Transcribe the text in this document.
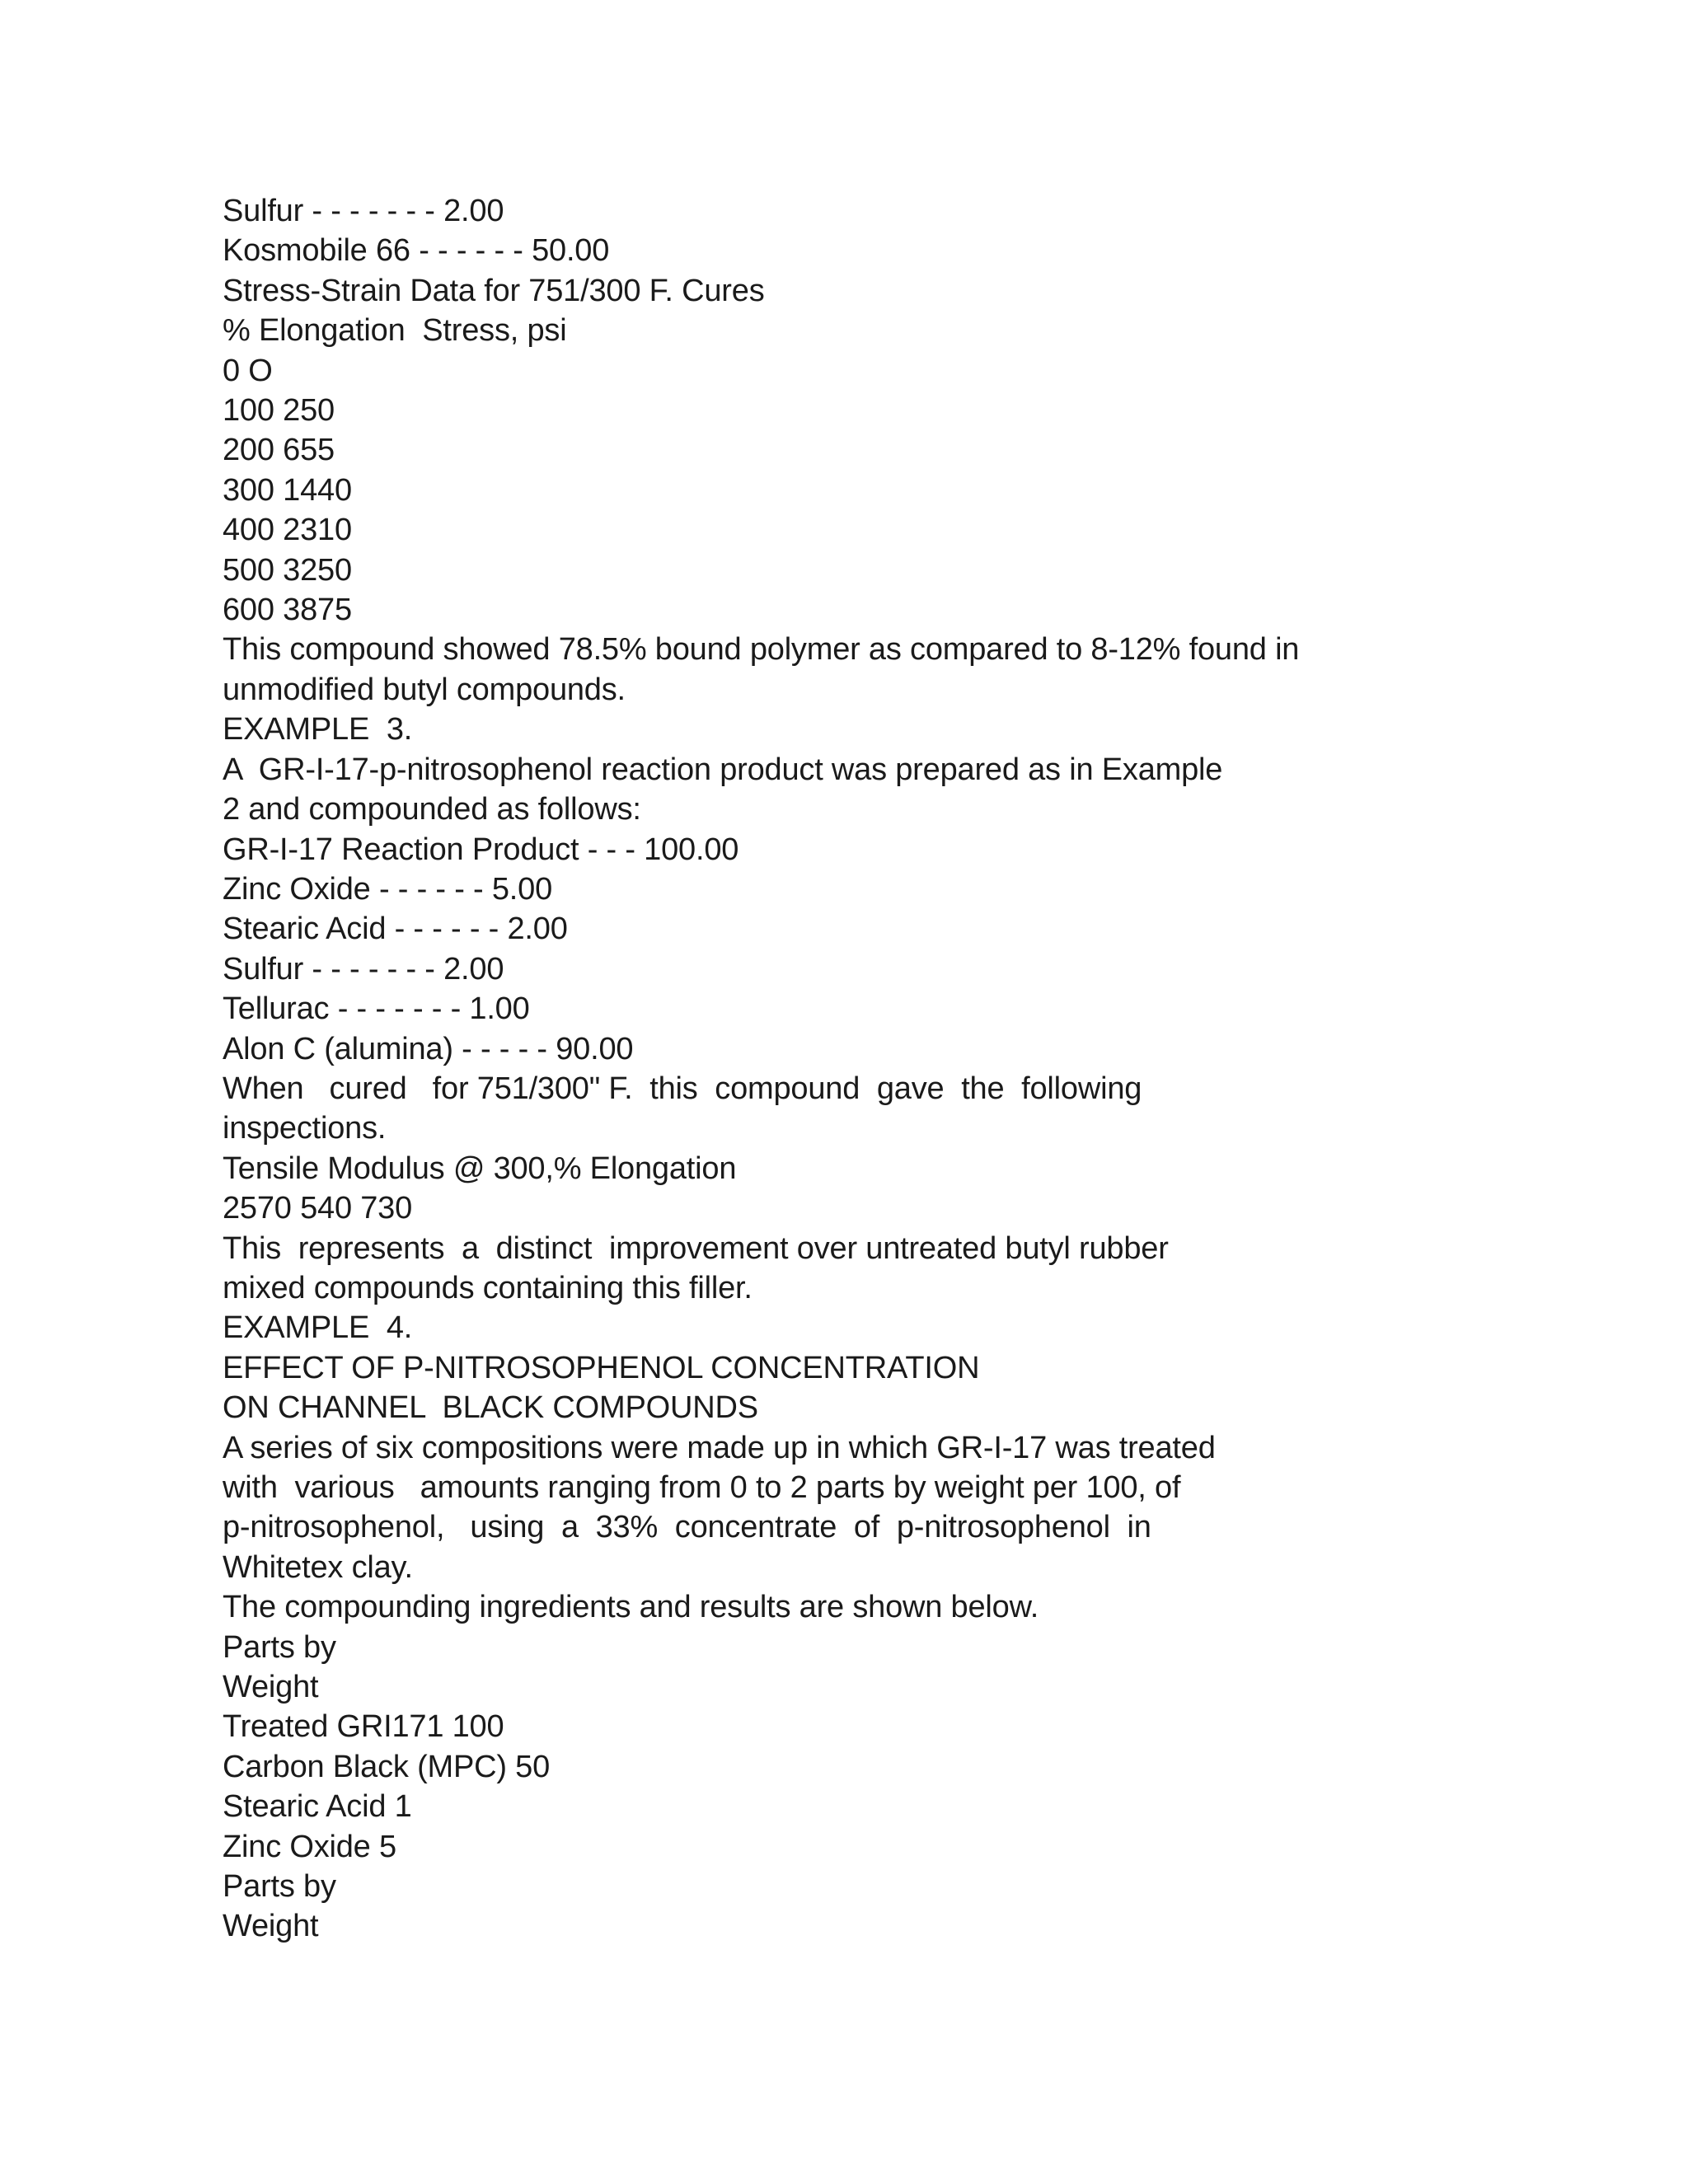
Sulfur - - - - - - - 2.00
Kosmobile 66 - - - - - - 50.00
Stress-Strain Data for 751/300 F. Cures
% Elongation  Stress, psi
0 O
100 250
200 655
300 1440
400 2310
500 3250
600 3875
This compound showed 78.5% bound polymer as compared to 8-12% found in
unmodified butyl compounds.
EXAMPLE  3.
A  GR-I-17-p-nitrosophenol reaction product was prepared as in Example
2 and compounded as follows:
GR-I-17 Reaction Product - - - 100.00
Zinc Oxide - - - - - - 5.00
Stearic Acid - - - - - - 2.00
Sulfur - - - - - - - 2.00
Tellurac - - - - - - - 1.00
Alon C (alumina) - - - - - 90.00
When   cured   for 751/300" F.  this  compound  gave  the  following
inspections.
Tensile Modulus @ 300,% Elongation
2570 540 730
This  represents  a  distinct  improvement over untreated butyl rubber
mixed compounds containing this filler.
EXAMPLE  4.
EFFECT OF P-NITROSOPHENOL CONCENTRATION
ON CHANNEL  BLACK COMPOUNDS
A series of six compositions were made up in which GR-I-17 was treated
with  various   amounts ranging from 0 to 2 parts by weight per 100, of
p-nitrosophenol,   using  a  33%  concentrate  of  p-nitrosophenol  in
Whitetex clay.
The compounding ingredients and results are shown below.
Parts by
Weight
Treated GRI171 100
Carbon Black (MPC) 50
Stearic Acid 1
Zinc Oxide 5
Parts by
Weight
